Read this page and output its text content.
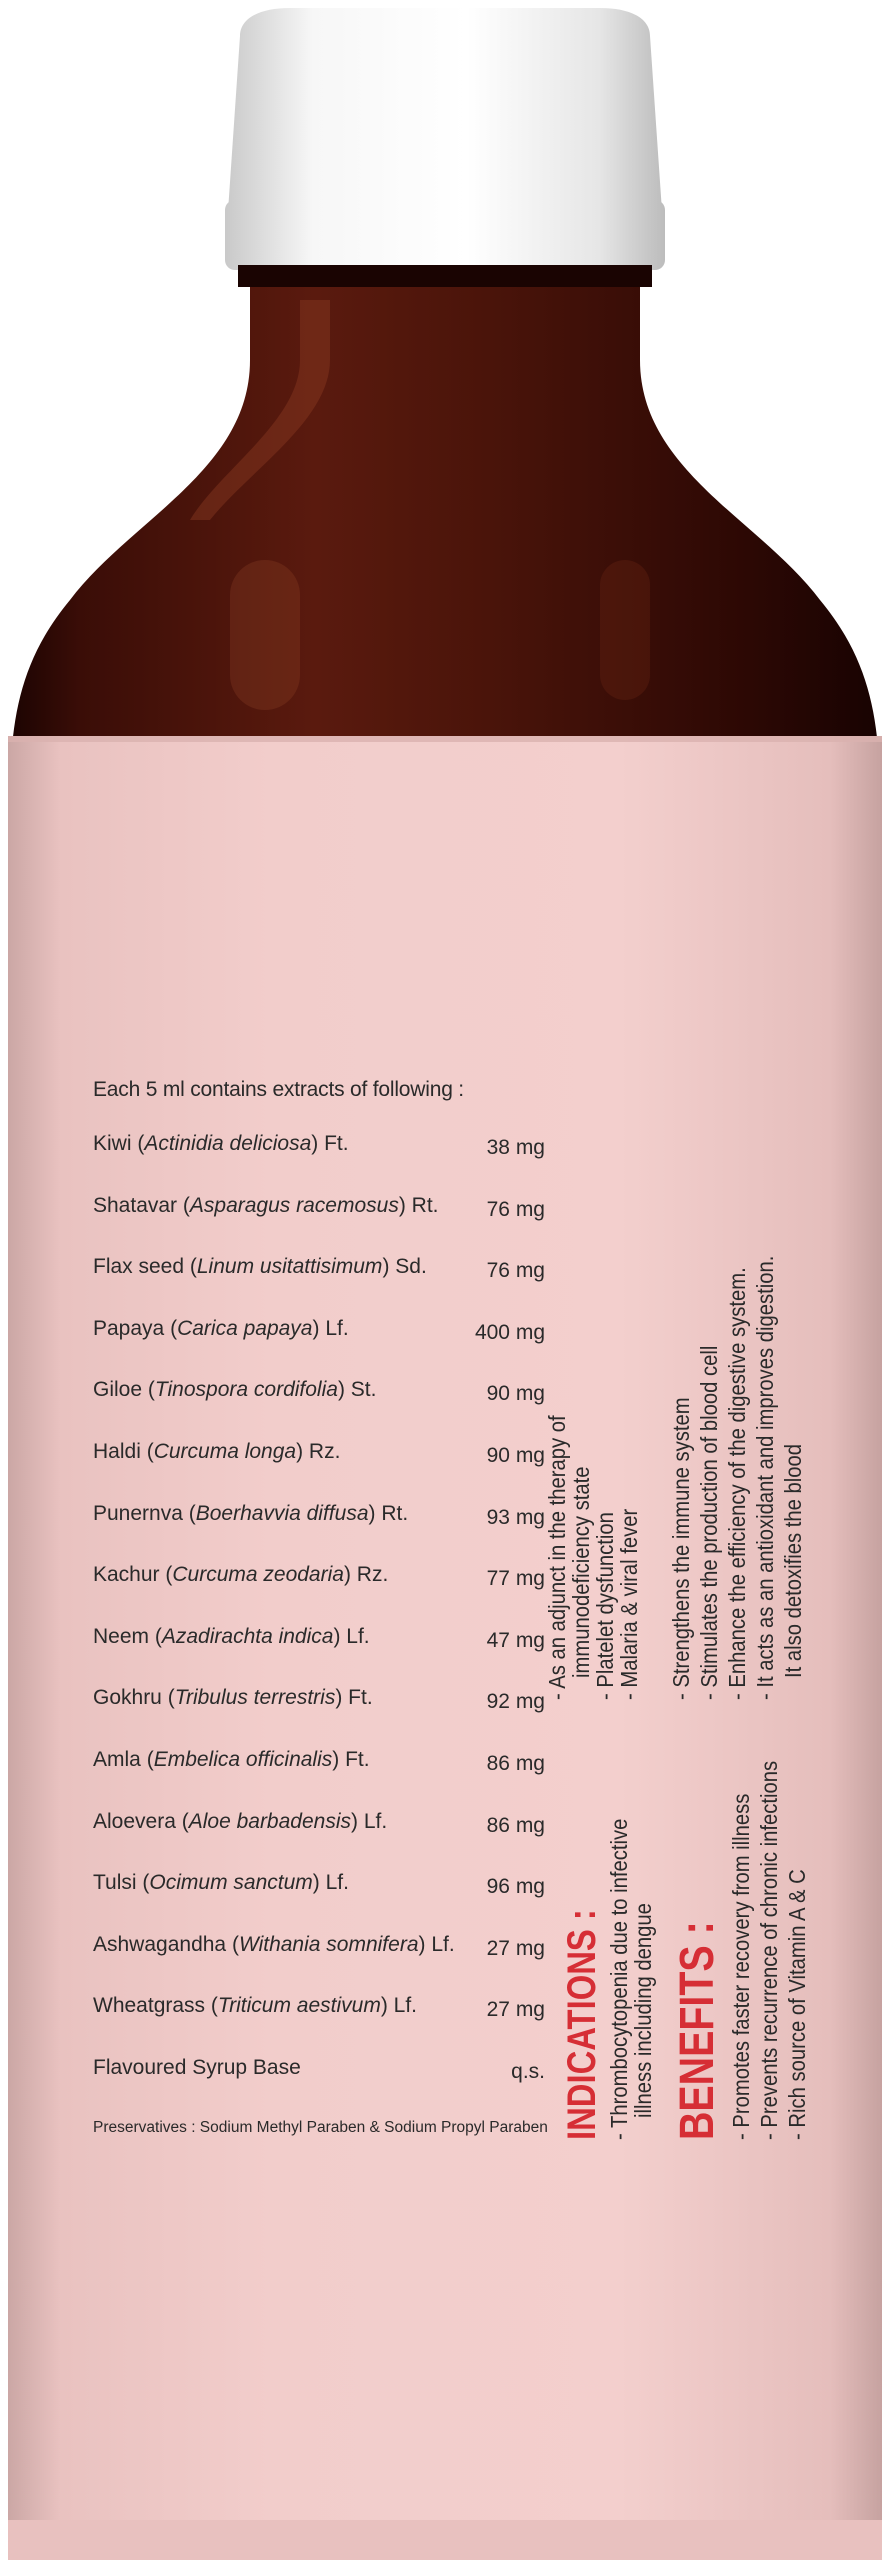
Each 5 ml contains extracts of following :
Kiwi (Actinidia deliciosa) Ft.	38 mg
Shatavar (Asparagus racemosus) Rt. 76 mg
Flax seed (Linum usitattisimum) Sd.	76 mg
Papaya (Carica papaya) Lf.	400 mg
Giloe (Tinospora cordifolia) St.	90 mg
Haldi (Curcuma longa) Rz.	90 mg
Punernva (Boerhavvia diffusa) Rt.	93 mg
Kachur (Curcuma zeodaria) Rz.	77 mg
Neem (Azadirachta indica) Lf.	47 mg
Gokhru (Tribulus terrestris) Ft.	92 mg
Amla (Embelica officinalis) Ft.	86 mg
Aloevera (Aloe barbadensis) Lf.	86 mg
Tulsi (Ocimum sanctum) Lf.	96 mg
Ashwagandha (Withania somnifera) Lf. 27 mg
Wheatgrass (Triticum aestivum) Lf.	27 mg
Flavoured Syrup Base	q.s.
Preservatives : Sodium Methyl Paraben & Sodium Propyl Paraben INDICATIONS : - Thrombocytopenia due to infective
illness including dengue
- As an adjunct in the therapy of
immunodeficiency state
- Platelet dysfunction
- Malaria & viral fever
BENEFITS : - Promotes faster recovery from illness - Prevents recurrence of chronic infections - Rich source of Vitamin A & C
- Strengthens the immune system - Stimulates the production of blood cell - Enhance the efficiency of the digestive system. - It acts as an antioxidant and improves digestion. It also detoxifies the blood
